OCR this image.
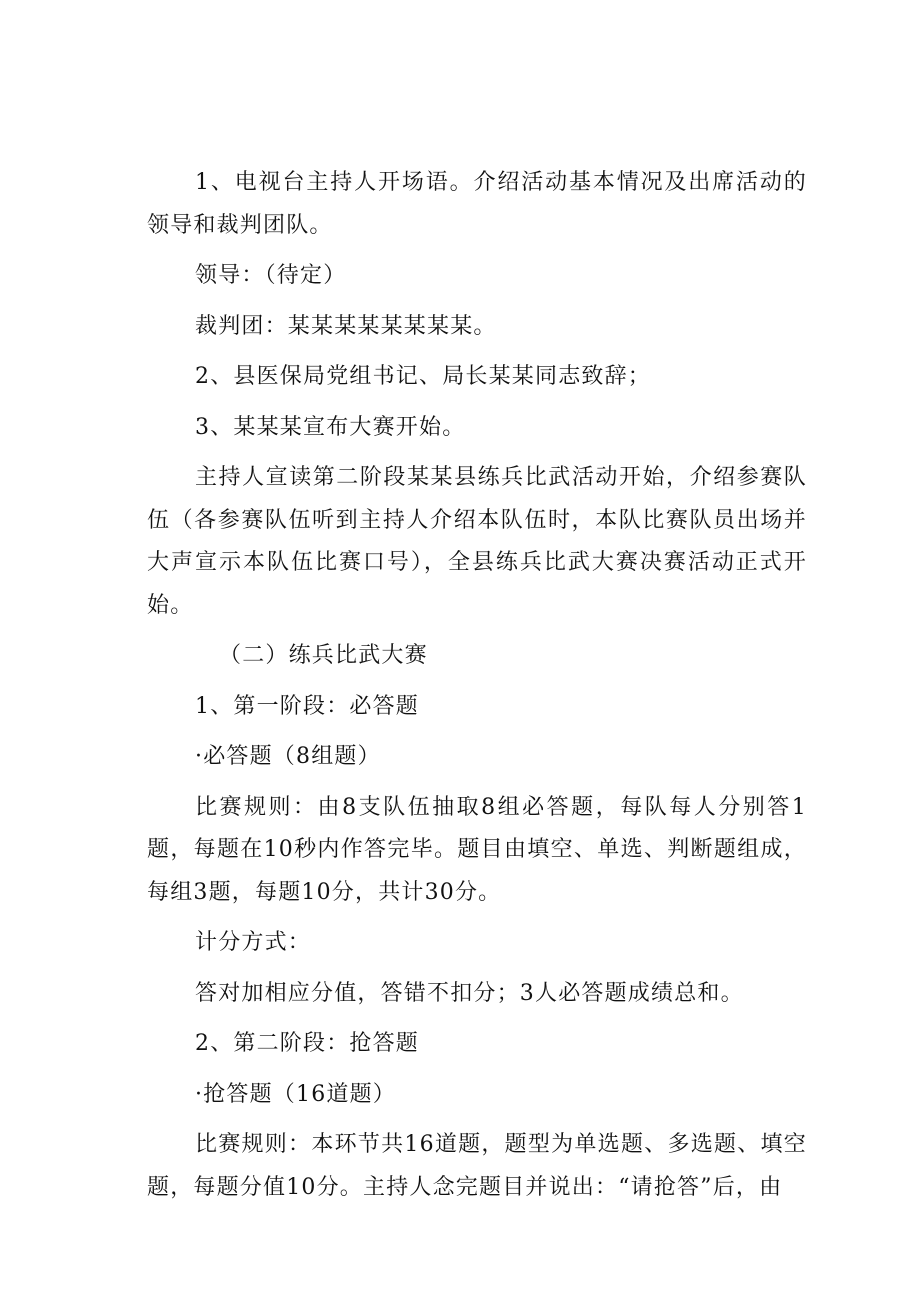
1、电视台主持人开场语。介绍活动基本情况及出席活动的领导和裁判团队。

领导：（待定）

裁判团：某某某某某某某某。

2、县医保局党组书记、局长某某同志致辞；

3、某某某宣布大赛开始。

主持人宣读第二阶段某某县练兵比武活动开始，介绍参赛队伍（各参赛队伍听到主持人介绍本队伍时，本队比赛队员出场并大声宣示本队伍比赛口号），全县练兵比武大赛决赛活动正式开始。

（二）练兵比武大赛

1、第一阶段：必答题

·必答题（8组题）

比赛规则：由8支队伍抽取8组必答题，每队每人分别答1题，每题在10秒内作答完毕。题目由填空、单选、判断题组成，每组3题，每题10分，共计30分。

计分方式：

答对加相应分值，答错不扣分；3人必答题成绩总和。

2、第二阶段：抢答题

·抢答题（16道题）

比赛规则：本环节共16道题，题型为单选题、多选题、填空题，每题分值10分。主持人念完题目并说出：“请抢答”后，由
